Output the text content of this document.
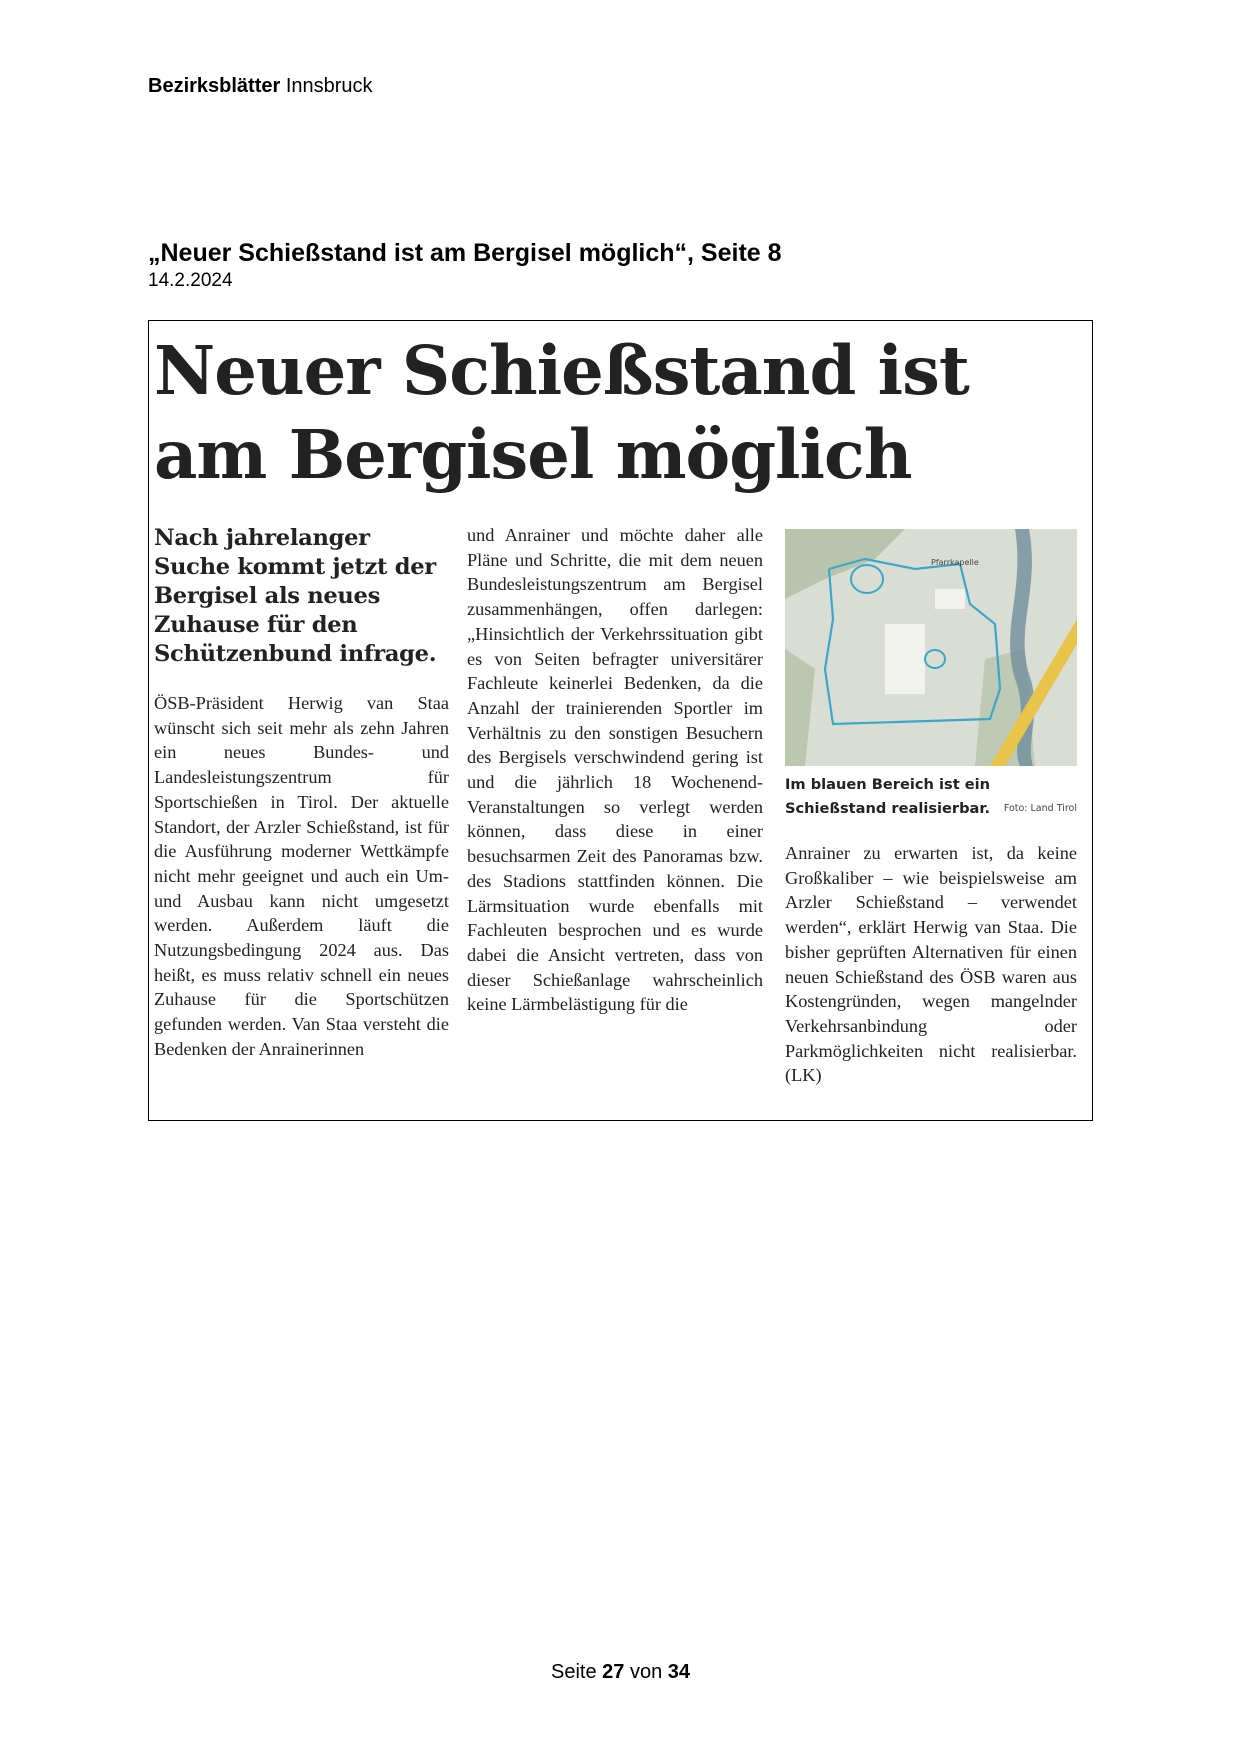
Bezirksblätter Innsbruck
„Neuer Schießstand ist am Bergisel möglich“, Seite 8
14.2.2024
Neuer Schießstand ist
am Bergisel möglich

Nach jahrelanger Suche kommt jetzt der Bergisel als neues Zuhause für den Schützenbund infrage.

ÖSB-Präsident Herwig van Staa wünscht sich seit mehr als zehn Jahren ein neues Bundes- und Landesleistungszentrum für Sportschießen in Tirol. Der aktuelle Standort, der Arzler Schießstand, ist für die Ausführung moderner Wettkämpfe nicht mehr geeignet und auch ein Um- und Ausbau kann nicht umgesetzt werden. Außerdem läuft die Nutzungsbedingung 2024 aus. Das heißt, es muss relativ schnell ein neues Zuhause für die Sportschützen gefunden werden. Van Staa versteht die Bedenken der Anrainerinnen

und Anrainer und möchte daher alle Pläne und Schritte, die mit dem neuen Bundesleistungszentrum am Bergisel zusammenhängen, offen darlegen: „Hinsichtlich der Verkehrssituation gibt es von Seiten befragter universitärer Fachleute keinerlei Bedenken, da die Anzahl der trainierenden Sportler im Verhältnis zu den sonstigen Besuchern des Bergisels verschwindend gering ist und die jährlich 18 Wochenend-Veranstaltungen so verlegt werden können, dass diese in einer besuchsarmen Zeit des Panoramas bzw. des Stadions stattfinden können. Die Lärmsituation wurde ebenfalls mit Fachleuten besprochen und es wurde dabei die Ansicht vertreten, dass von dieser Schießanlage wahrscheinlich keine Lärmbelästigung für die

Pfarrkapelle
Im blauen Bereich ist ein Schießstand realisierbar. Foto: Land Tirol

Anrainer zu erwarten ist, da keine Großkaliber – wie beispielsweise am Arzler Schießstand – verwendet werden“, erklärt Herwig van Staa. Die bisher geprüften Alternativen für einen neuen Schießstand des ÖSB waren aus Kostengründen, wegen mangelnder Verkehrsanbindung oder Parkmöglichkeiten nicht realisierbar. (LK)

Seite 27 von 34
